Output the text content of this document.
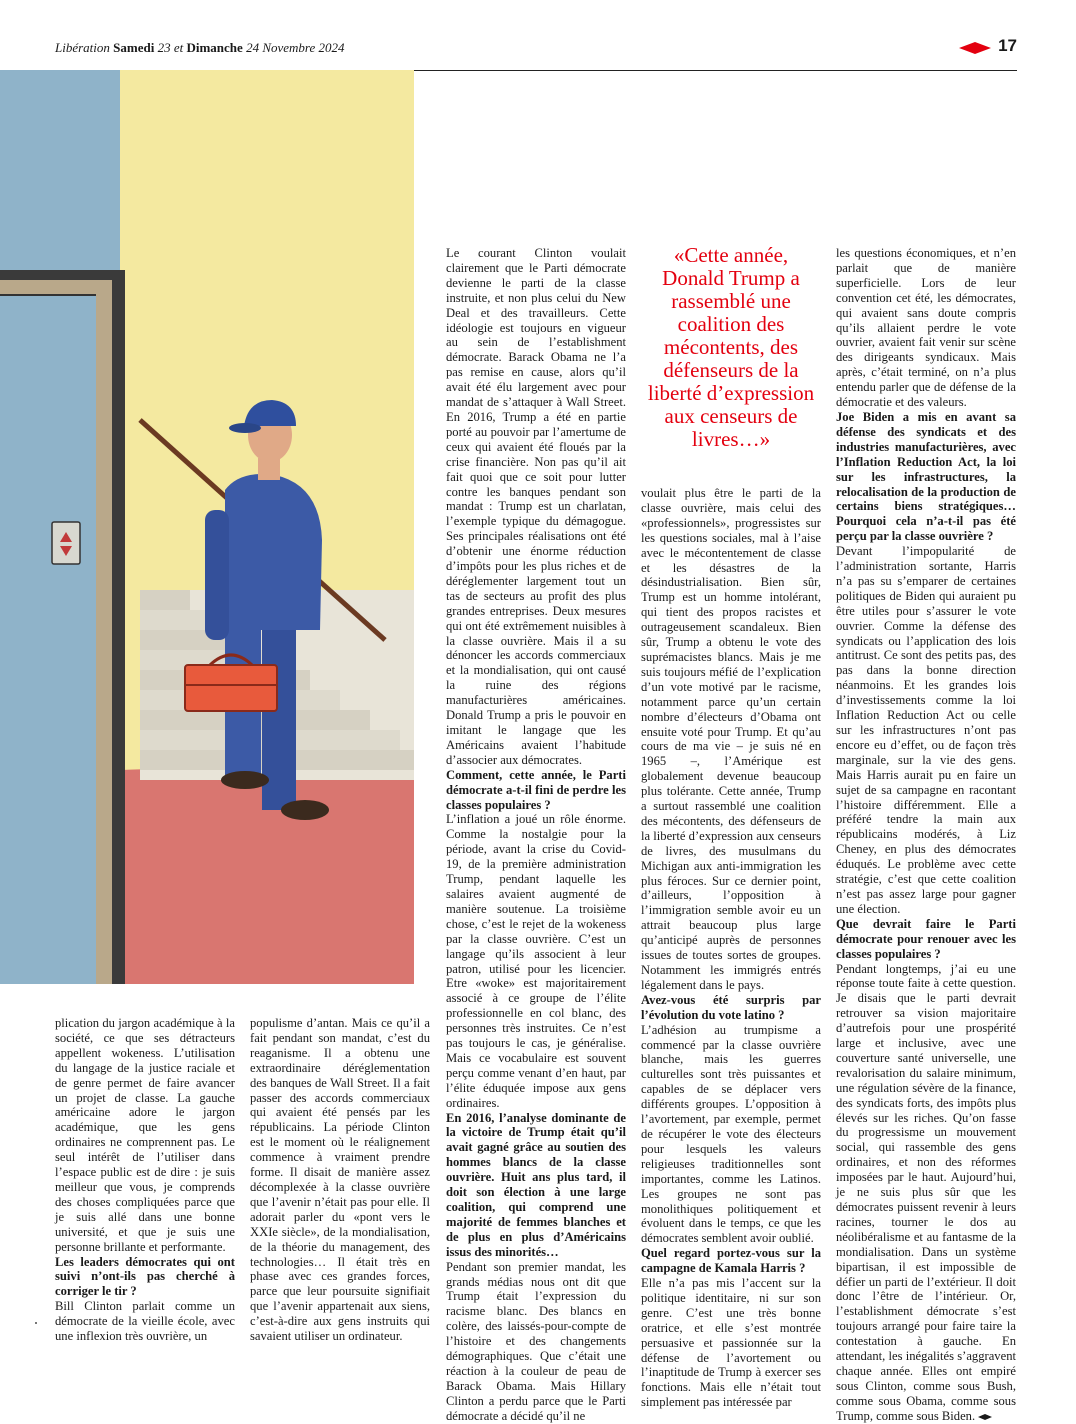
Libération Samedi 23 et Dimanche 24 Novembre 2024	17

Le courant Clinton voulait clairement que le Parti démocrate devienne le parti de la classe instruite, et non plus celui du New Deal et des travailleurs. Cette idéologie est toujours en vigueur au sein de l’establishment démocrate. Barack Obama ne l’a pas remise en cause, alors qu’il avait été élu largement avec pour mandat de s’attaquer à Wall Street. En 2016, Trump a été en partie porté au pouvoir par l’amertume de ceux qui avaient été floués par la crise financière. Non pas qu’il ait fait quoi que ce soit pour lutter contre les banques pendant son mandat : Trump est un charlatan, l’exemple typique du démagogue. Ses principales réalisations ont été d’obtenir une énorme réduction d’impôts pour les plus riches et de déréglementer largement tout un tas de secteurs au profit des plus grandes entreprises. Deux mesures qui ont été extrêmement nuisibles à la classe ouvrière. Mais il a su dénoncer les accords commerciaux et la mondialisation, qui ont causé la ruine des régions manufacturières américaines. Donald Trump a pris le pouvoir en imitant le langage que les Américains avaient l’habitude d’associer aux démocrates.

Comment, cette année, le Parti démocrate a-t-il fini de perdre les classes populaires ?

L’inflation a joué un rôle énorme. Comme la nostalgie pour la période, avant la crise du Covid-19, de la première administration Trump, pendant laquelle les salaires avaient augmenté de manière soutenue. La troisième chose, c’est le rejet de la wokeness par la classe ouvrière. C’est un langage qu’ils associent à leur patron, utilisé pour les licencier. Etre «woke» est majoritairement associé à ce groupe de l’élite professionnelle en col blanc, des personnes très instruites. Ce n’est pas toujours le cas, je généralise. Mais ce vocabulaire est souvent perçu comme venant d’en haut, par l’élite éduquée impose aux gens ordinaires.

En 2016, l’analyse dominante de la victoire de Trump était qu’il avait gagné grâce au soutien des hommes blancs de la classe ouvrière. Huit ans plus tard, il doit son élection à une large coalition, qui comprend une majorité de femmes blanches et de plus en plus d’Américains issus des minorités…

Pendant son premier mandat, les grands médias nous ont dit que Trump était l’expression du racisme blanc. Des blancs en colère, des laissés-pour-compte de l’histoire et des changements démographiques. Que c’était une réaction à la couleur de peau de Barack Obama. Mais Hillary Clinton a perdu parce que le Parti démocrate a décidé qu’il ne

«Cette année, Donald Trump a rassemblé une coalition des mécontents, des défenseurs de la liberté d’expression aux censeurs de livres…»

voulait plus être le parti de la classe ouvrière, mais celui des «professionnels», progressistes sur les questions sociales, mal à l’aise avec le mécontentement de classe et les désastres de la désindustrialisation. Bien sûr, Trump est un homme intolérant, qui tient des propos racistes et outrageusement scandaleux. Bien sûr, Trump a obtenu le vote des suprémacistes blancs. Mais je me suis toujours méfié de l’explication d’un vote motivé par le racisme, notamment parce qu’un certain nombre d’électeurs d’Obama ont ensuite voté pour Trump. Et qu’au cours de ma vie – je suis né en 1965 –, l’Amérique est globalement devenue beaucoup plus tolérante. Cette année, Trump a surtout rassemblé une coalition des mécontents, des défenseurs de la liberté d’expression aux censeurs de livres, des musulmans du Michigan aux anti-immigration les plus féroces. Sur ce dernier point, d’ailleurs, l’opposition à l’immigration semble avoir eu un attrait beaucoup plus large qu’anticipé auprès de personnes issues de toutes sortes de groupes. Notamment les immigrés entrés légalement dans le pays.

Avez-vous été surpris par l’évolution du vote latino ?

L’adhésion au trumpisme a commencé par la classe ouvrière blanche, mais les guerres culturelles sont très puissantes et capables de se déplacer vers différents groupes. L’opposition à l’avortement, par exemple, permet de récupérer le vote des électeurs pour lesquels les valeurs religieuses traditionnelles sont importantes, comme les Latinos. Les groupes ne sont pas monolithiques politiquement et évoluent dans le temps, ce que les démocrates semblent avoir oublié.

Quel regard portez-vous sur la campagne de Kamala Harris ?

Elle n’a pas mis l’accent sur la politique identitaire, ni sur son genre. C’est une très bonne oratrice, et elle s’est montrée persuasive et passionnée sur la défense de l’avortement ou l’inaptitude de Trump à exercer ses fonctions. Mais elle n’était tout simplement pas intéressée par

les questions économiques, et n’en parlait que de manière superficielle. Lors de leur convention cet été, les démocrates, qui avaient sans doute compris qu’ils allaient perdre le vote ouvrier, avaient fait venir sur scène des dirigeants syndicaux. Mais après, c’était terminé, on n’a plus entendu parler que de défense de la démocratie et des valeurs.

Joe Biden a mis en avant sa défense des syndicats et des industries manufacturières, avec l’Inflation Reduction Act, la loi sur les infrastructures, la relocalisation de la production de certains biens stratégiques… Pourquoi cela n’a-t-il pas été perçu par la classe ouvrière ?

Devant l’impopularité de l’administration sortante, Harris n’a pas su s’emparer de certaines politiques de Biden qui auraient pu être utiles pour s’assurer le vote ouvrier. Comme la défense des syndicats ou l’application des lois antitrust. Ce sont des petits pas, des pas dans la bonne direction néanmoins. Et les grandes lois d’investissements comme la loi Inflation Reduction Act ou celle sur les infrastructures n’ont pas encore eu d’effet, ou de façon très marginale, sur la vie des gens. Mais Harris aurait pu en faire un sujet de sa campagne en racontant l’histoire différemment. Elle a préféré tendre la main aux républicains modérés, à Liz Cheney, en plus des démocrates éduqués. Le problème avec cette stratégie, c’est que cette coalition n’est pas assez large pour gagner une élection.

Que devrait faire le Parti démocrate pour renouer avec les classes populaires ?

Pendant longtemps, j’ai eu une réponse toute faite à cette question. Je disais que le parti devrait retrouver sa vision majoritaire d’autrefois pour une prospérité large et inclusive, avec une couverture santé universelle, une revalorisation du salaire minimum, une régulation sévère de la finance, des syndicats forts, des impôts plus élevés sur les riches. Qu’on fasse du progressisme un mouvement social, qui rassemble des gens ordinaires, et non des réformes imposées par le haut. Aujourd’hui, je ne suis plus sûr que les démocrates puissent revenir à leurs racines, tourner le dos au néolibéralisme et au fantasme de la mondialisation. Dans un système bipartisan, il est impossible de défier un parti de l’extérieur. Il doit donc l’être de l’intérieur. Or, l’establishment démocrate s’est toujours arrangé pour faire taire la contestation à gauche. En attendant, les inégalités s’aggravent chaque année. Elles ont empiré sous Clinton, comme sous Bush, comme sous Obama, comme sous Trump, comme sous Biden.

plication du jargon académique à la société, ce que ses détracteurs appellent wokeness. L’utilisation du langage de la justice raciale et de genre permet de faire avancer un projet de classe. La gauche américaine adore le jargon académique, que les gens ordinaires ne comprennent pas. Le seul intérêt de l’utiliser dans l’espace public est de dire : je suis meilleur que vous, je comprends des choses compliquées parce que je suis allé dans une bonne université, et que je suis une personne brillante et performante.

Les leaders démocrates qui ont suivi n’ont-ils pas cherché à corriger le tir ?

Bill Clinton parlait comme un démocrate de la vieille école, avec une inflexion très ouvrière, un

populisme d’antan. Mais ce qu’il a fait pendant son mandat, c’est du reaganisme. Il a obtenu une extraordinaire déréglementation des banques de Wall Street. Il a fait passer des accords commerciaux qui avaient été pensés par les républicains. La période Clinton est le moment où le réalignement commence à vraiment prendre forme. Il disait de manière assez décomplexée à la classe ouvrière que l’avenir n’était pas pour elle. Il adorait parler du «pont vers le XXIe siècle», de la mondialisation, de la théorie du management, des technologies… Il était très en phase avec ces grandes forces, parce que leur poursuite signifiait que l’avenir appartenait aux siens, c’est-à-dire aux gens instruits qui savaient utiliser un ordinateur.
